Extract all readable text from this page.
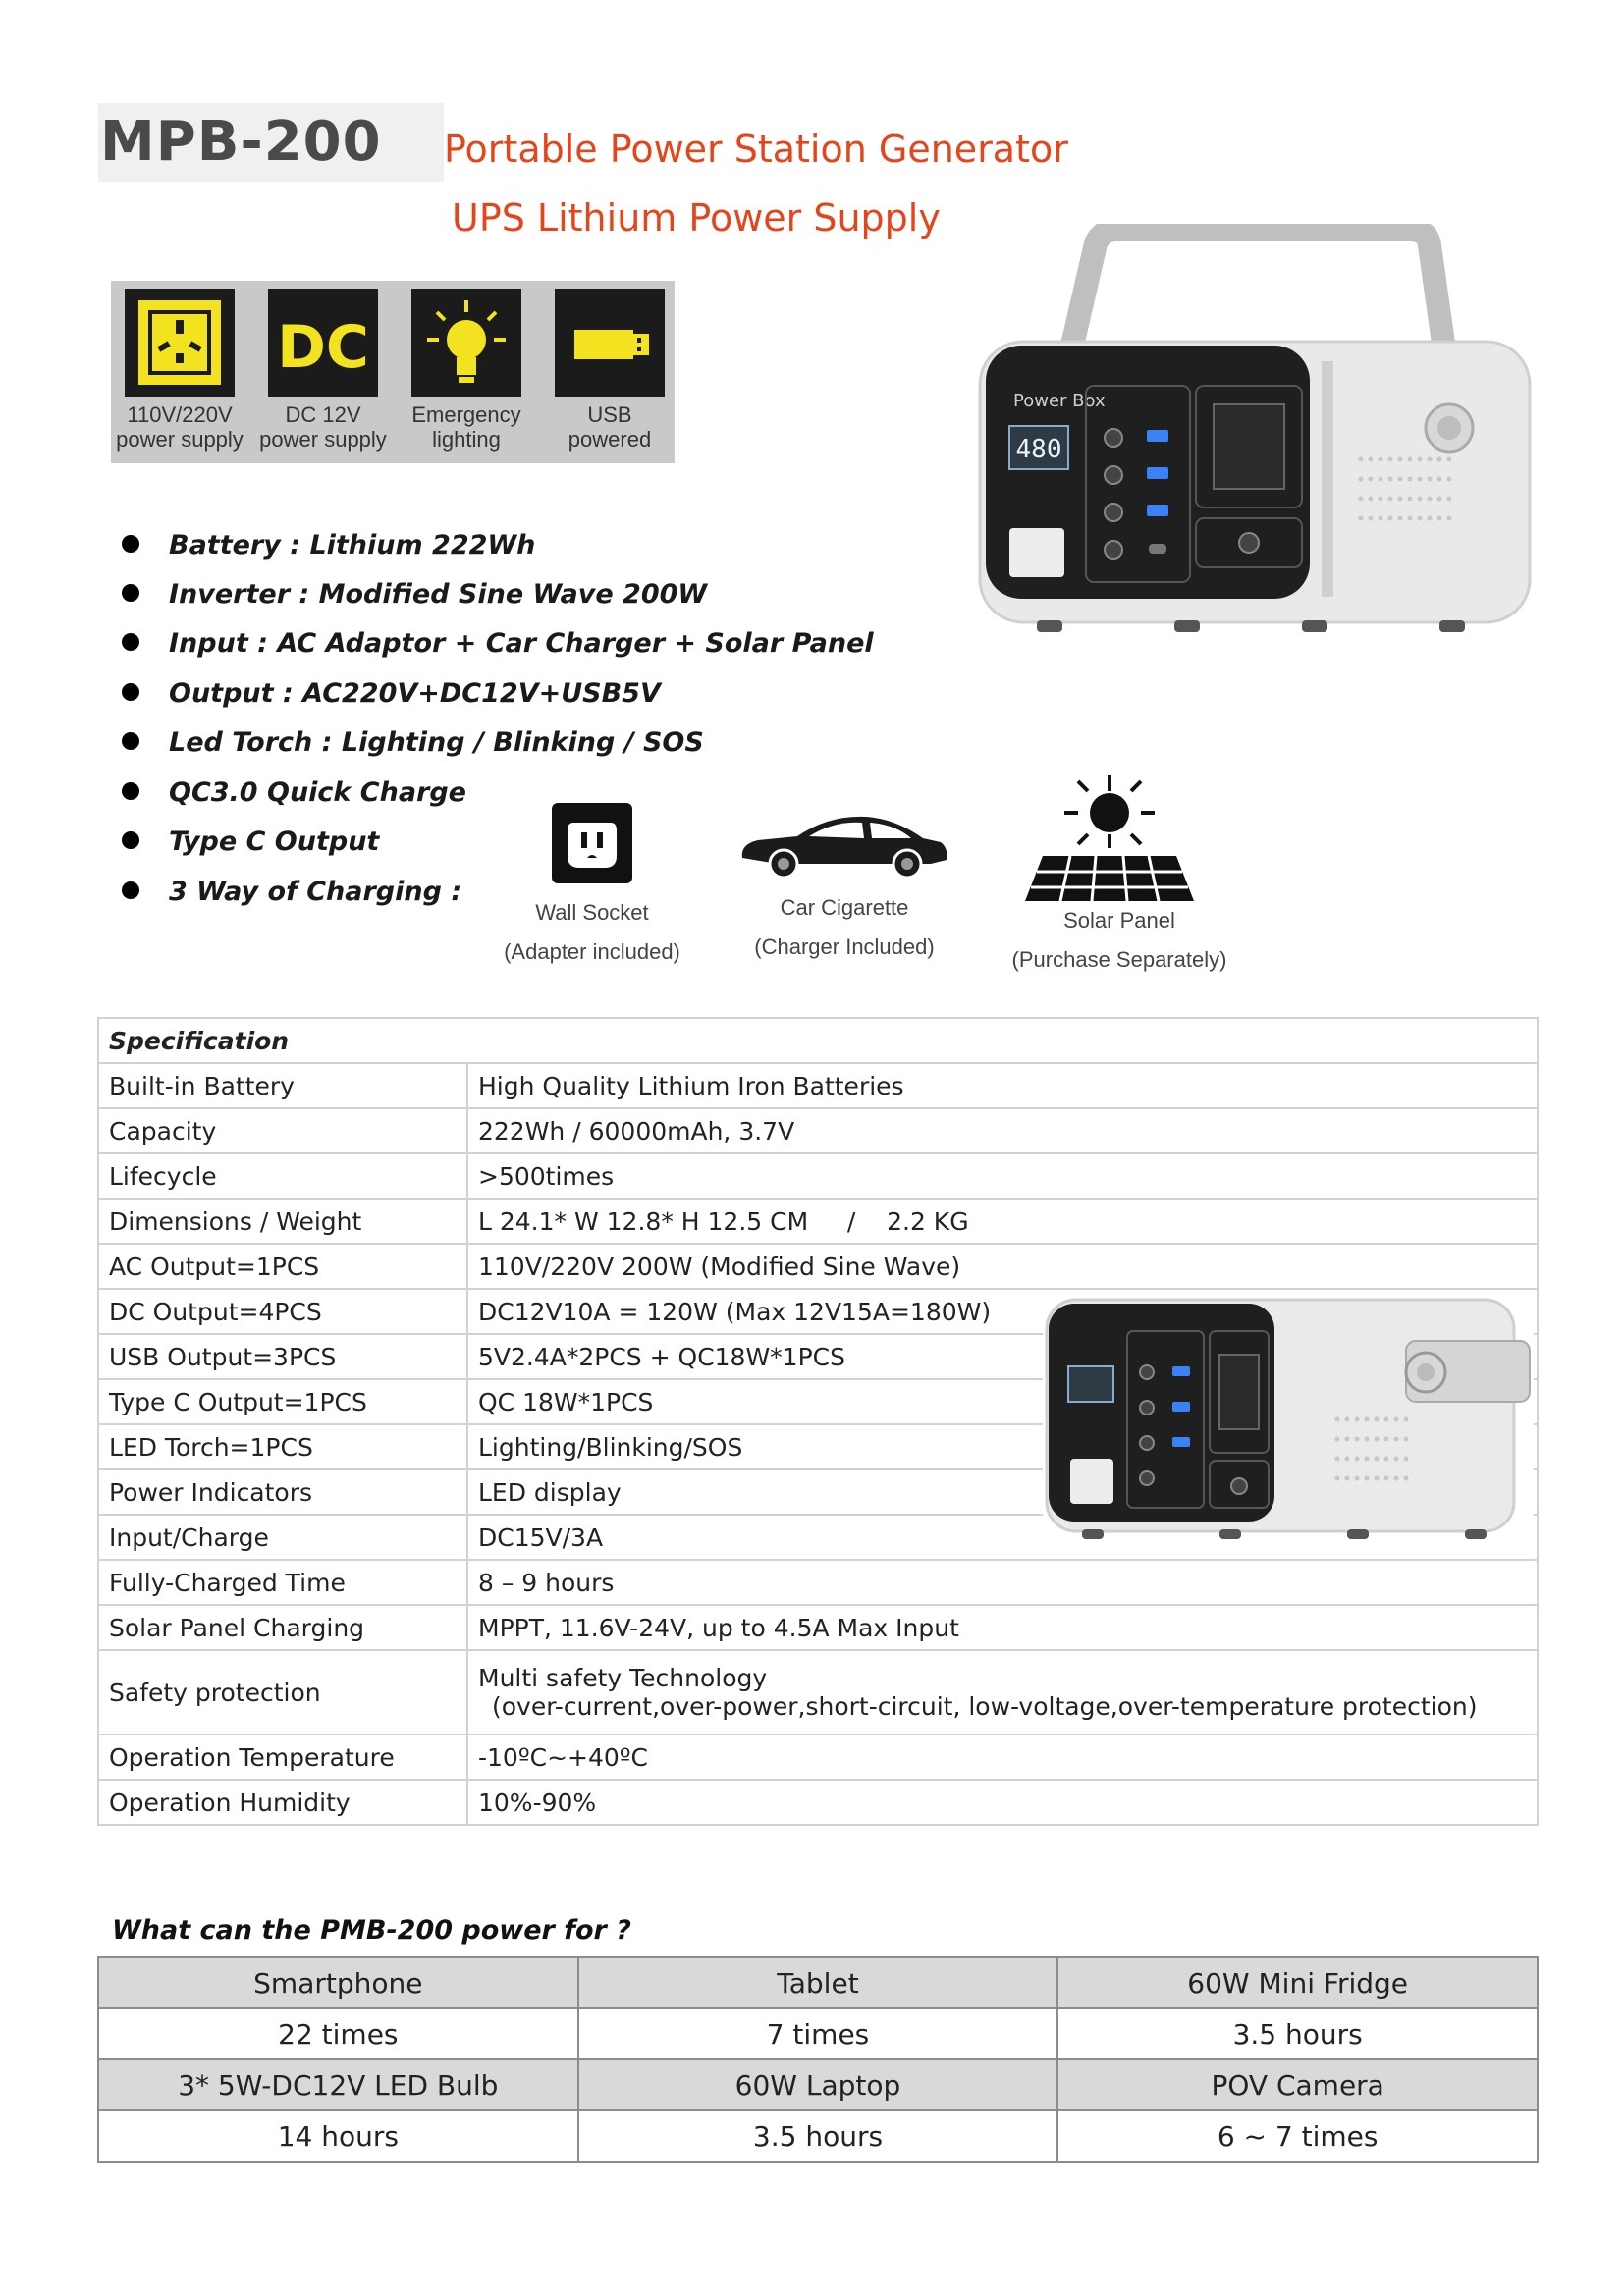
MPB-200 Portable Power Station Generator
UPS Lithium Power Supply
110V/220V
power supply
DC
DC 12V
power supply
Emergency
lighting
USB
powered
Power Box
480
Battery : Lithium 222Wh
Inverter : Modified Sine Wave 200W
Input : AC Adaptor + Car Charger + Solar Panel
Output : AC220V+DC12V+USB5V
Led Torch : Lighting / Blinking / SOS
QC3.0 Quick Charge
Type C Output
3 Way of Charging :
Wall Socket
(Adapter included)
Car Cigarette
(Charger Included)
Solar Panel
(Purchase Separately)
Specification	
Built-in Battery	High Quality Lithium Iron Batteries
Capacity	222Wh / 60000mAh, 3.7V
Lifecycle	>500times
Dimensions / Weight	L 24.1* W 12.8* H 12.5 CM     /    2.2 KG
AC Output=1PCS	110V/220V 200W (Modified Sine Wave)
DC Output=4PCS	DC12V10A = 120W (Max 12V15A=180W)
USB Output=3PCS	5V2.4A*2PCS + QC18W*1PCS
Type C Output=1PCS	QC 18W*1PCS
LED Torch=1PCS	Lighting/Blinking/SOS
Power Indicators	LED display
Input/Charge	DC15V/3A
Fully-Charged Time	8 – 9 hours
Solar Panel Charging	MPPT, 11.6V-24V, up to 4.5A Max Input
Safety protection	Multi safety Technology
(over-current,over-power,short-circuit, low-voltage,over-temperature protection)

Operation Temperature	-10ºC~+40ºC
Operation Humidity	10%-90%
What can the PMB-200 power for ?
Smartphone	Tablet	60W Mini Fridge
22 times	7 times	3.5 hours
3* 5W-DC12V LED Bulb	60W Laptop	POV Camera
14 hours	3.5 hours	6 ~ 7 times
